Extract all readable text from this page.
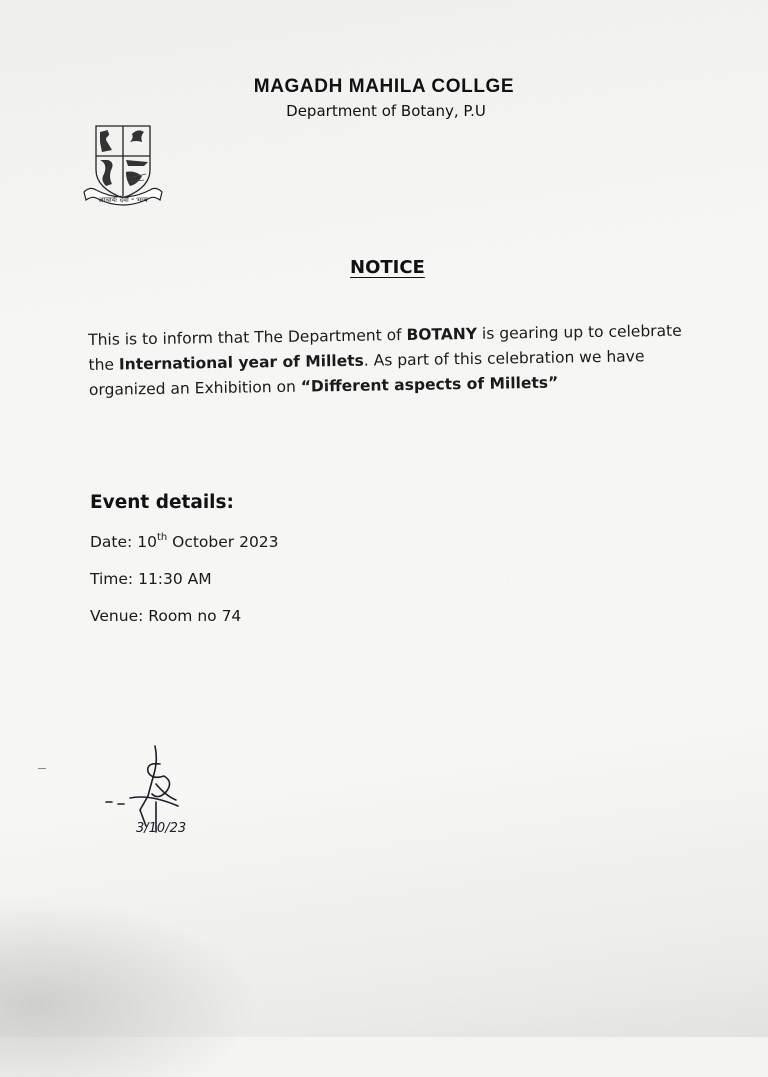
MAGADH MAHILA COLLGE
Department of Botany, P.U
आचार्यः देवो ॰ भव्य
NOTICE
This is to inform that The Department of BOTANY is gearing up to celebrate the International year of Millets. As part of this celebration we have organized an Exhibition on “Different aspects of Millets”
Event details:
Date: 10th October 2023
Time: 11:30 AM
Venue: Room no 74
3/10/23
